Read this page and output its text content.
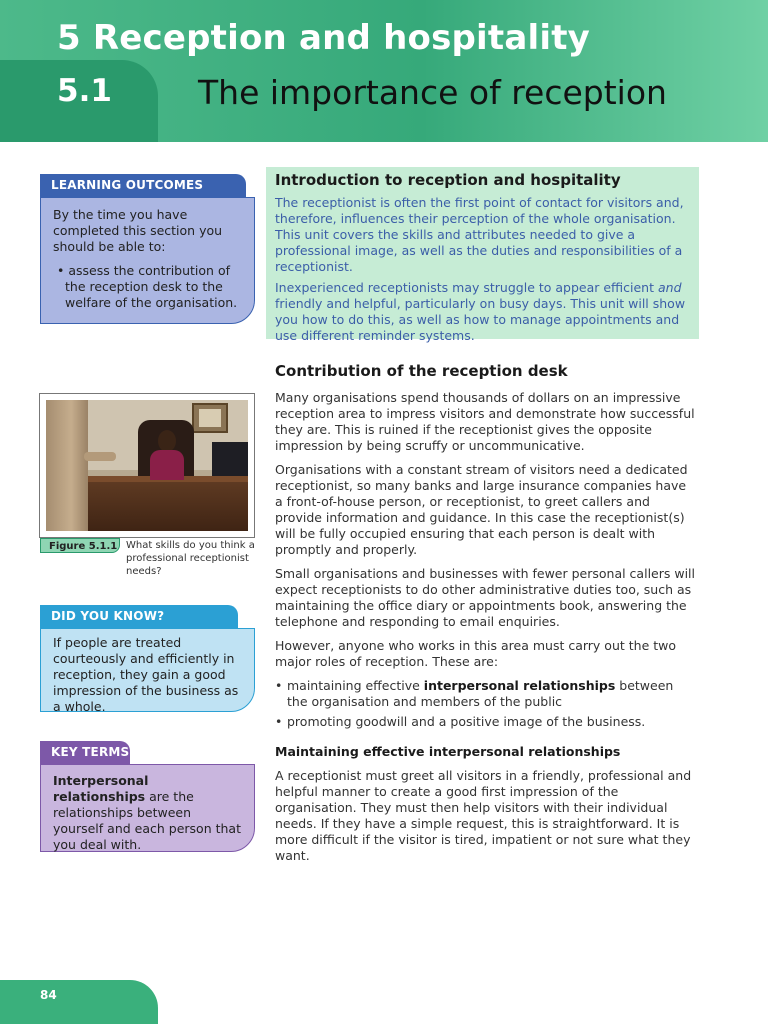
5 Reception and hospitality
5.1	The importance of reception
LEARNING OUTCOMES

By the time you have completed this section you should be able to:

• assess the contribution of the reception desk to the welfare of the organisation.
Introduction to reception and hospitality

The receptionist is often the first point of contact for visitors and, therefore, influences their perception of the whole organisation. This unit covers the skills and attributes needed to give a professional image, as well as the duties and responsibilities of a receptionist.

Inexperienced receptionists may struggle to appear efficient and friendly and helpful, particularly on busy days. This unit will show you how to do this, as well as how to manage appointments and use different reminder systems.

Figure 5.1.1 What skills do you think a professional receptionist needs?
DID YOU KNOW?
If people are treated courteously and efficiently in reception, they gain a good impression of the business as a whole.
KEY TERMS
Interpersonal relationships are the relationships between yourself and each person that you deal with.
Contribution of the reception desk

Many organisations spend thousands of dollars on an impressive reception area to impress visitors and demonstrate how successful they are. This is ruined if the receptionist gives the opposite impression by being scruffy or uncommunicative.

Organisations with a constant stream of visitors need a dedicated receptionist, so many banks and large insurance companies have a front-of-house person, or receptionist, to greet callers and provide information and guidance. In this case the receptionist(s) will be fully occupied ensuring that each person is dealt with promptly and properly.

Small organisations and businesses with fewer personal callers will expect receptionists to do other administrative duties too, such as maintaining the office diary or appointments book, answering the telephone and responding to email enquiries.

However, anyone who works in this area must carry out the two major roles of reception. These are:

• maintaining effective interpersonal relationships between the organisation and members of the public
• promoting goodwill and a positive image of the business.
Maintaining effective interpersonal relationships

A receptionist must greet all visitors in a friendly, professional and helpful manner to create a good first impression of the organisation. They must then help visitors with their individual needs. If they have a simple request, this is straightforward. It is more difficult if the visitor is tired, impatient or not sure what they want.

84
